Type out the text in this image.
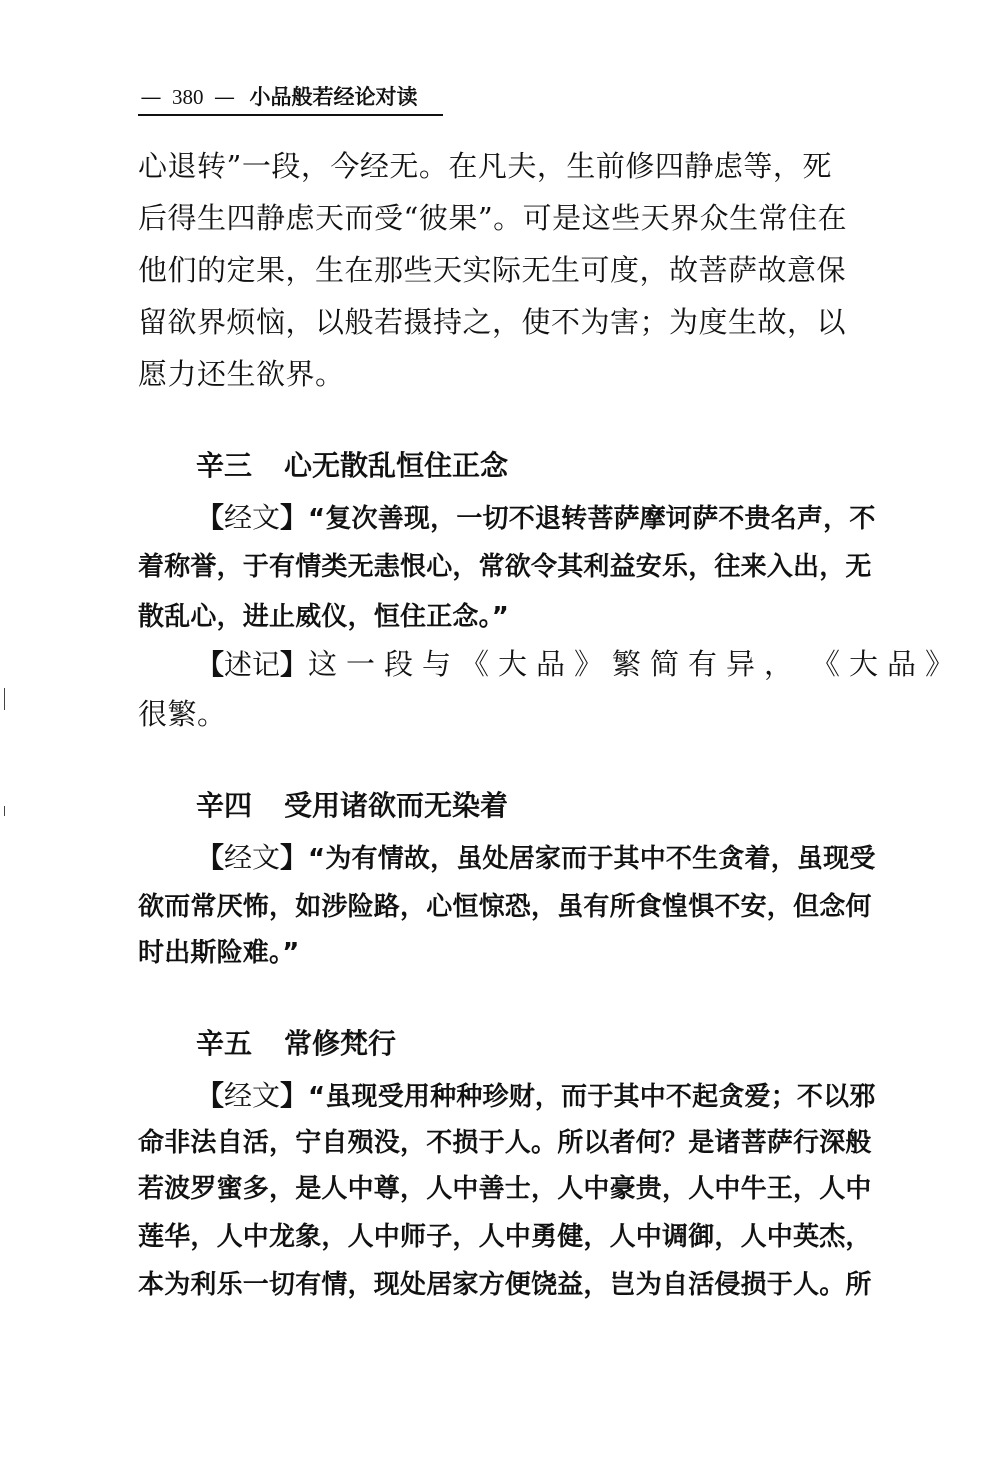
— 380 — 小品般若经论对读
心退转”一段，今经无。在凡夫，生前修四静虑等，死
后得生四静虑天而受“彼果”。可是这些天界众生常住在
他们的定果，生在那些天实际无生可度，故菩萨故意保
留欲界烦恼，以般若摄持之，使不为害；为度生故，以
愿力还生欲界。
辛三 心无散乱恒住正念
【经文】“复次善现，一切不退转菩萨摩诃萨不贵名声，不
着称誉，于有情类无恚恨心，常欲令其利益安乐，往来入出，无
散乱心，进止威仪，恒住正念。”
【述记】这一段与《大品》繁简有异，　《大品》
很繁。
辛四 受用诸欲而无染着
【经文】“为有情故，虽处居家而于其中不生贪着，虽现受
欲而常厌怖，如涉险路，心恒惊恐，虽有所食惶惧不安，但念何
时出斯险难。”
辛五 常修梵行
【经文】“虽现受用种种珍财，而于其中不起贪爱；不以邪
命非法自活，宁自殒没，不损于人。所以者何？是诸菩萨行深般
若波罗蜜多，是人中尊，人中善士，人中豪贵，人中牛王，人中
莲华，人中龙象，人中师子，人中勇健，人中调御，人中英杰，
本为利乐一切有情，现处居家方便饶益，岂为自活侵损于人。所
